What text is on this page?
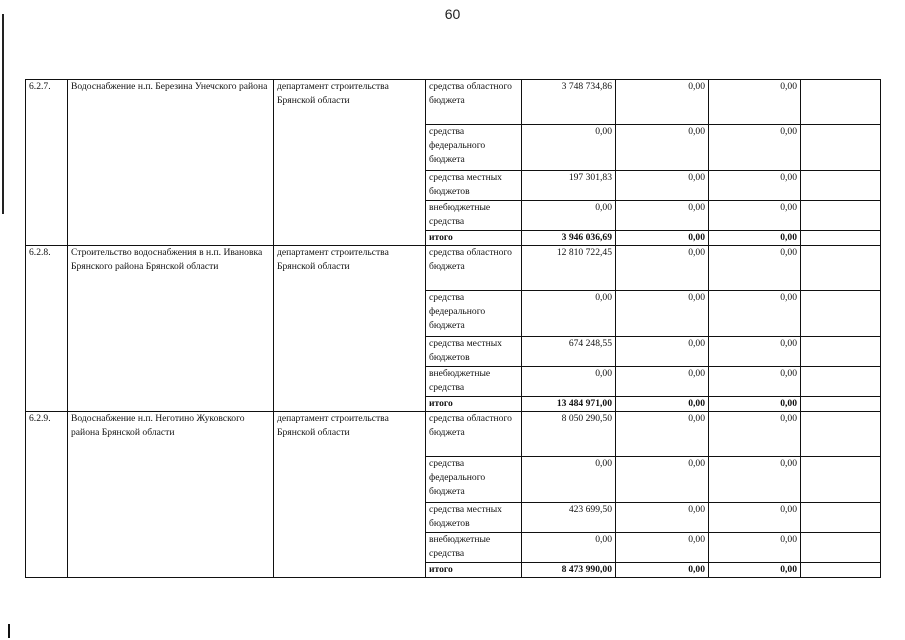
60
6.2.7.	Водоснабжение н.п. Березина Унечского района	департамент строительства Брянской области	средства областного бюджета	3 748 734,86	0,00	0,00	
			средства федерального бюджета	0,00	0,00	0,00	
			средства местных бюджетов	197 301,83	0,00	0,00	
			внебюджетные средства	0,00	0,00	0,00	
			итого	3 946 036,69	0,00	0,00	
6.2.8.	Строительство водоснабжения в н.п. Ивановка Брянского района Брянской области	департамент строительства Брянской области	средства областного бюджета	12 810 722,45	0,00	0,00	
			средства федерального бюджета	0,00	0,00	0,00	
			средства местных бюджетов	674 248,55	0,00	0,00	
			внебюджетные средства	0,00	0,00	0,00	
			итого	13 484 971,00	0,00	0,00	
6.2.9.	Водоснабжение н.п. Неготино Жуковского района Брянской области	департамент строительства Брянской области	средства областного бюджета	8 050 290,50	0,00	0,00	
			средства федерального бюджета	0,00	0,00	0,00	
			средства местных бюджетов	423 699,50	0,00	0,00	
			внебюджетные средства	0,00	0,00	0,00	
			итого	8 473 990,00	0,00	0,00	
